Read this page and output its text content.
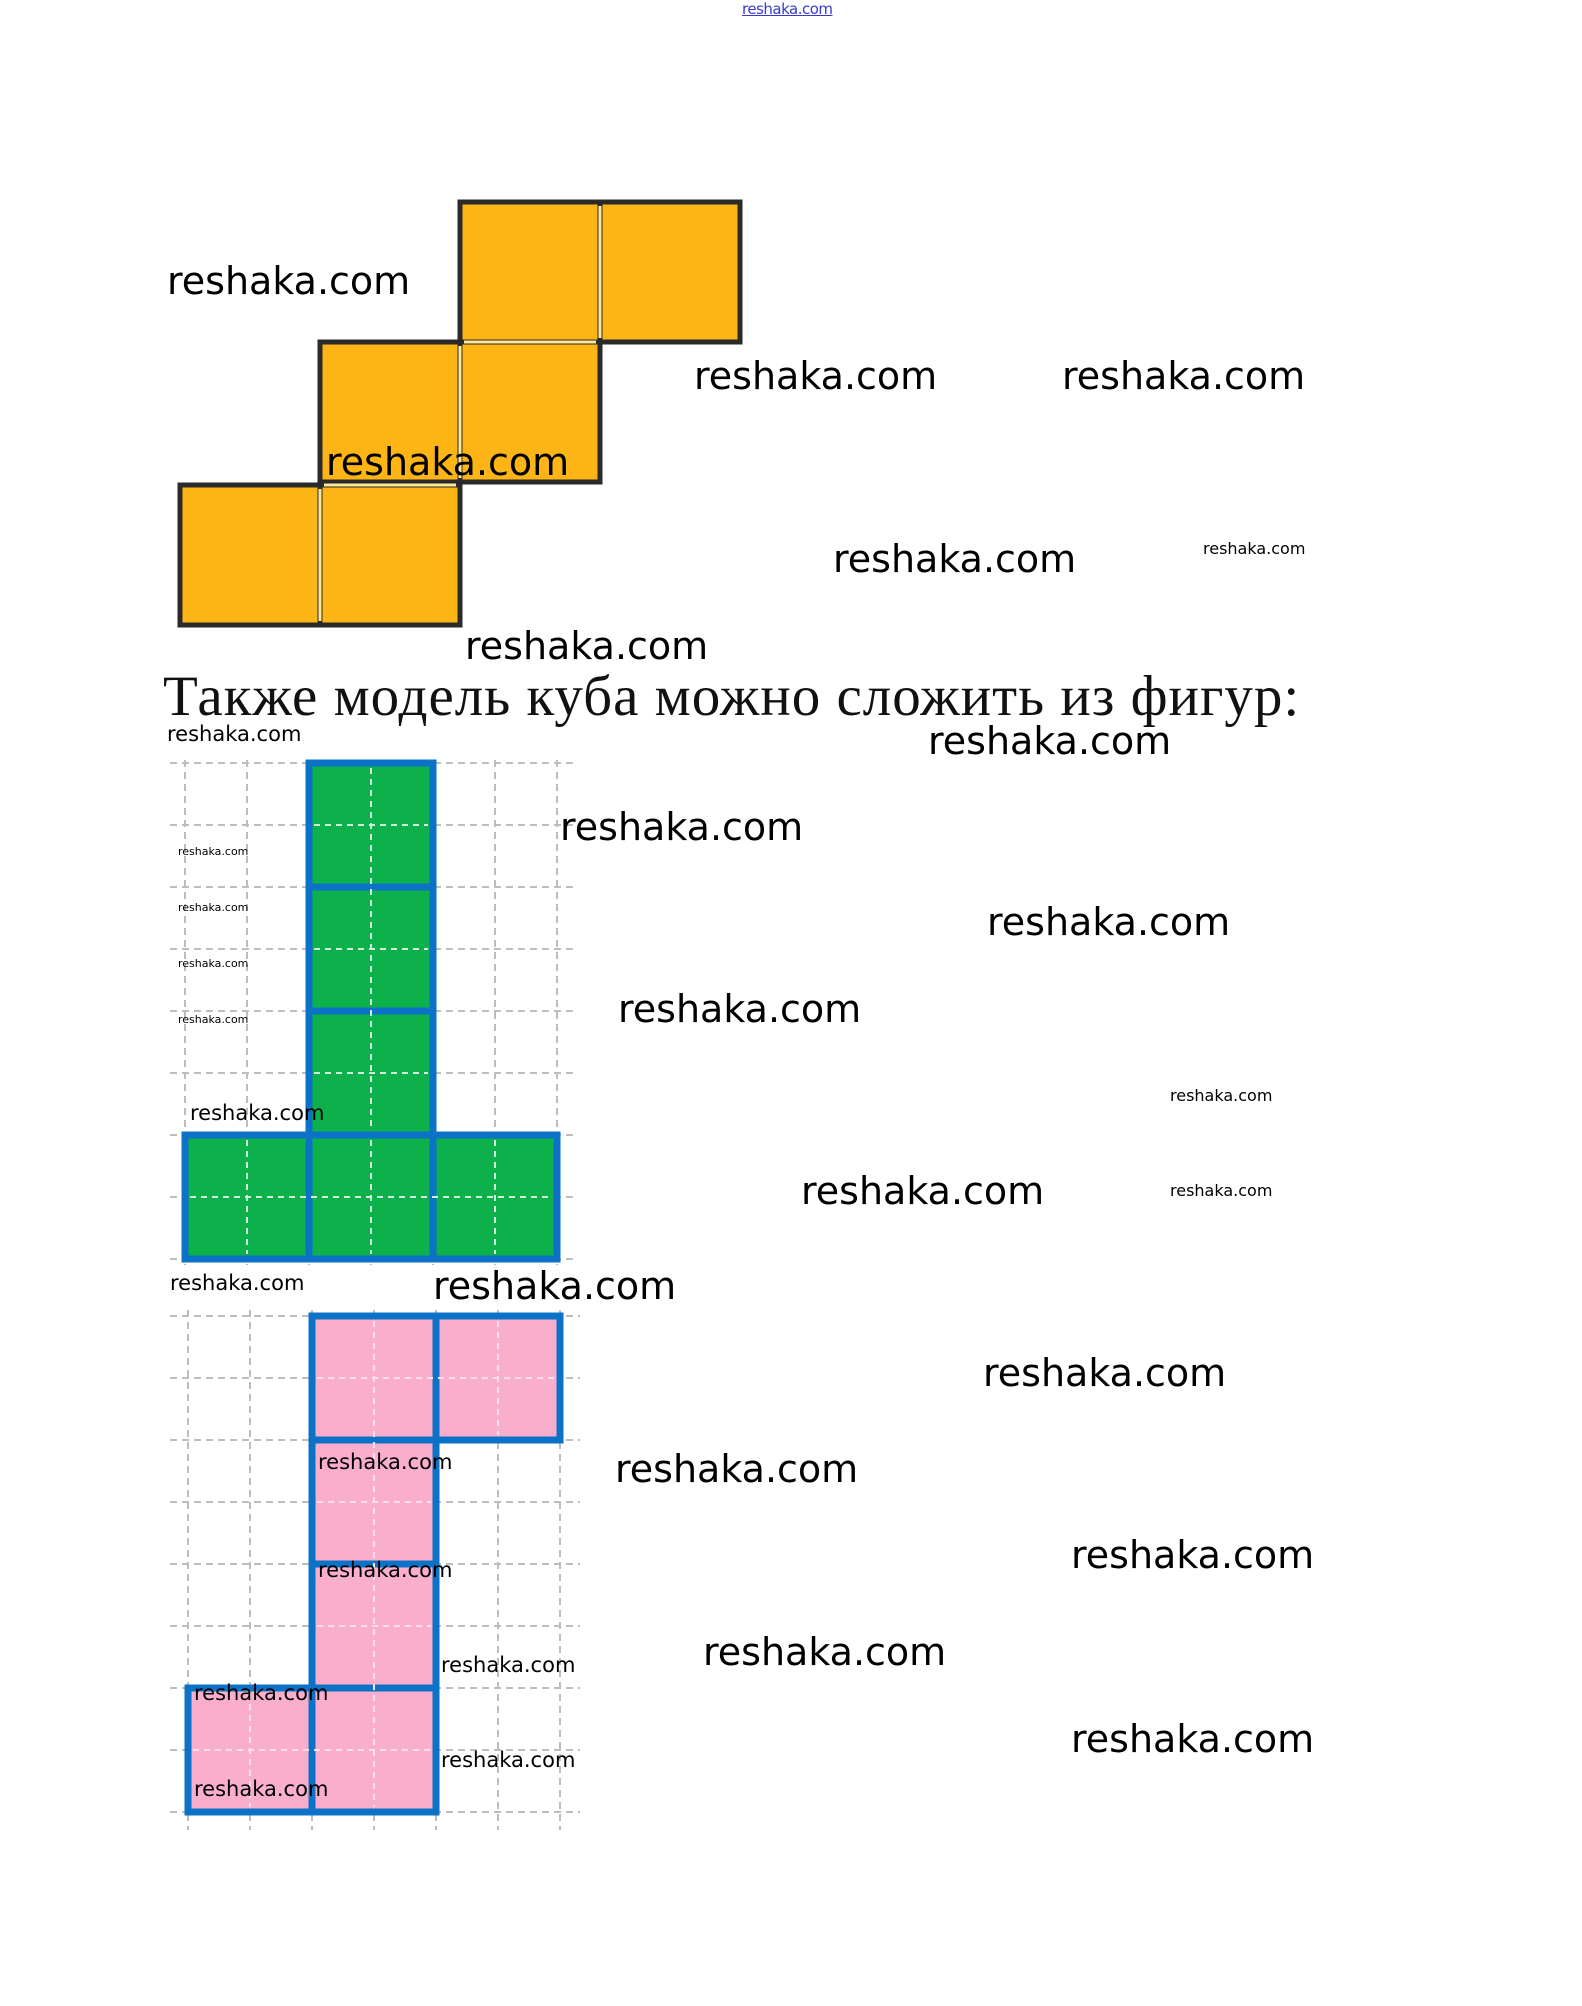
reshaka.com
Также модель куба можно сложить из фигур:
reshaka.com
reshaka.com	reshaka.com
reshaka.com
reshaka.com	reshaka.com
reshaka.com
reshaka.com	reshaka.com
reshaka.com
reshaka.com
reshaka.com	reshaka.com
reshaka.com
reshaka.com
reshaka.com
reshaka.com
reshaka.com
reshaka.com	reshaka.com
reshaka.com	reshaka.com
reshaka.com
reshaka.com	reshaka.com
reshaka.com	reshaka.com
reshaka.com	reshaka.com
reshaka.com
reshaka.com
reshaka.com
reshaka.com
